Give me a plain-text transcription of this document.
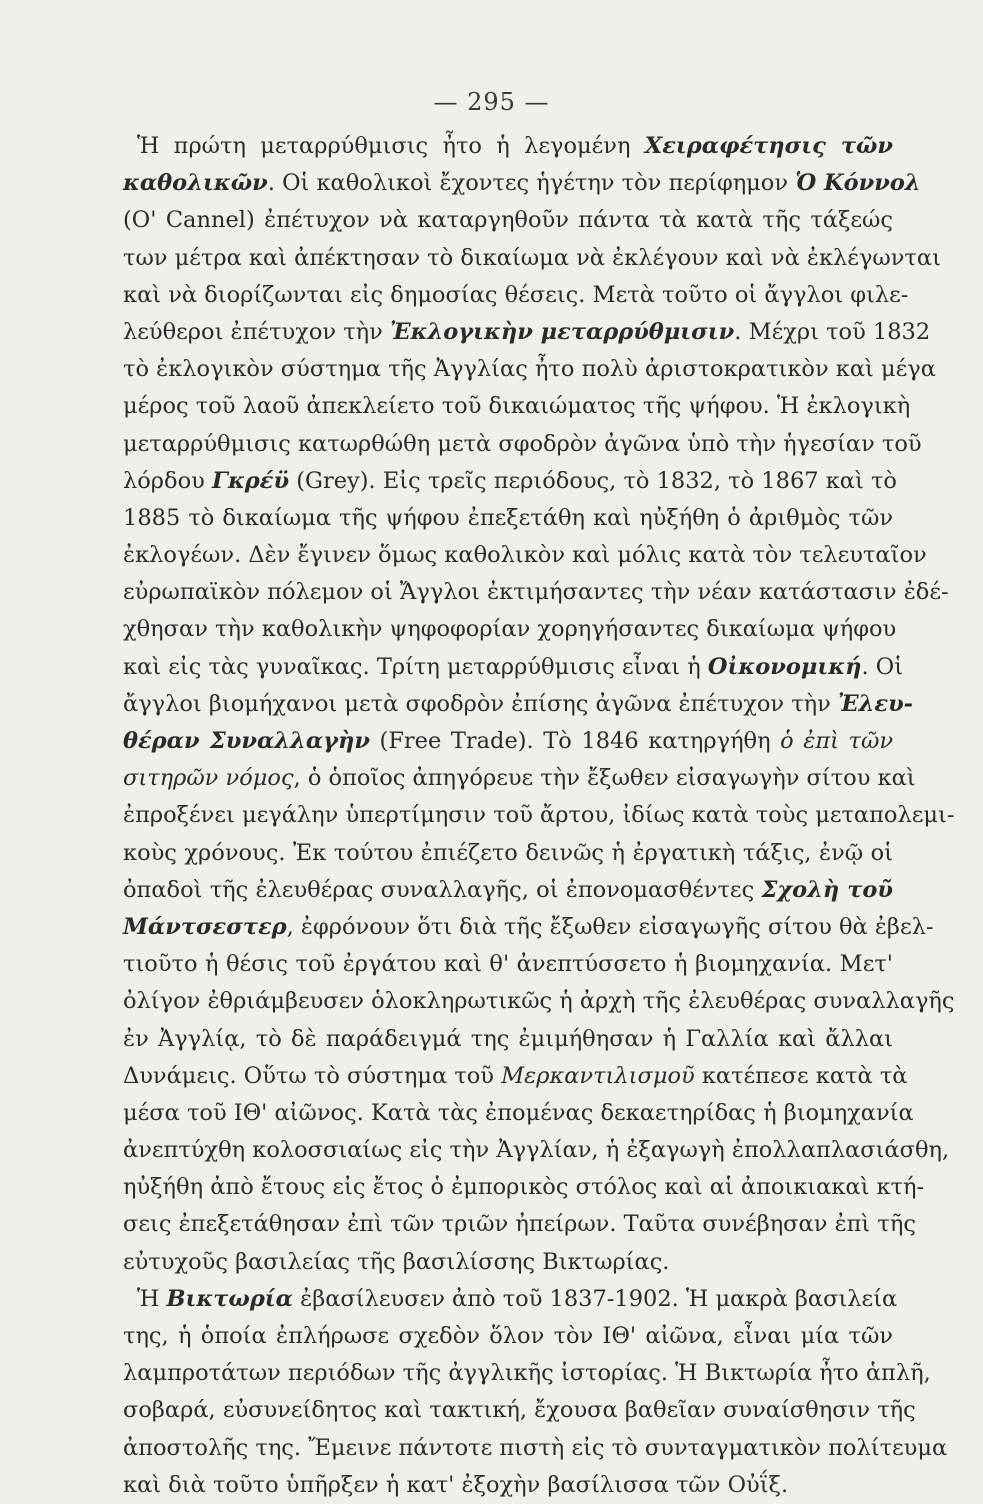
— 295 —
Ἡ πρώτη μεταρρύθμισις ἦτο ἡ λεγομένη Χειραφέτησις τῶν
καθολικῶν. Οἱ καθολικοὶ ἔχοντες ἡγέτην τὸν περίφημον Ὁ Κόννολ
(O' Cannel) ἐπέτυχον νὰ καταργηθοῦν πάντα τὰ κατὰ τῆς τάξεώς
των μέτρα καὶ ἀπέκτησαν τὸ δικαίωμα νὰ ἐκλέγουν καὶ νὰ ἐκλέγωνται
καὶ νὰ διορίζωνται εἰς δημοσίας θέσεις. Μετὰ τοῦτο οἱ ἄγγλοι φιλε-
λεύθεροι ἐπέτυχον τὴν Ἐκλογικὴν μεταρρύθμισιν. Μέχρι τοῦ 1832
τὸ ἐκλογικὸν σύστημα τῆς Ἀγγλίας ἦτο πολὺ ἀριστοκρατικὸν καὶ μέγα
μέρος τοῦ λαοῦ ἀπεκλείετο τοῦ δικαιώματος τῆς ψήφου. Ἡ ἐκλογικὴ
μεταρρύθμισις κατωρθώθη μετὰ σφοδρὸν ἀγῶνα ὑπὸ τὴν ἡγεσίαν τοῦ
λόρδου Γκρέϋ (Grey). Εἰς τρεῖς περιόδους, τὸ 1832, τὸ 1867 καὶ τὸ
1885 τὸ δικαίωμα τῆς ψήφου ἐπεξετάθη καὶ ηὐξήθη ὁ ἀριθμὸς τῶν
ἐκλογέων. Δὲν ἔγινεν ὅμως καθολικὸν καὶ μόλις κατὰ τὸν τελευταῖον
εὐρωπαϊκὸν πόλεμον οἱ Ἄγγλοι ἐκτιμήσαντες τὴν νέαν κατάστασιν ἐδέ-
χθησαν τὴν καθολικὴν ψηφοφορίαν χορηγήσαντες δικαίωμα ψήφου
καὶ εἰς τὰς γυναῖκας. Τρίτη μεταρρύθμισις εἶναι ἡ Οἰκονομική. Οἱ
ἄγγλοι βιομήχανοι μετὰ σφοδρὸν ἐπίσης ἀγῶνα ἐπέτυχον τὴν Ἐλευ-
θέραν Συναλλαγὴν (Free Trade). Τὸ 1846 κατηργήθη ὁ ἐπὶ τῶν
σιτηρῶν νόμος, ὁ ὁποῖος ἀπηγόρευε τὴν ἔξωθεν εἰσαγωγὴν σίτου καὶ
ἐπροξένει μεγάλην ὑπερτίμησιν τοῦ ἄρτου, ἰδίως κατὰ τοὺς μεταπολεμι-
κοὺς χρόνους. Ἐκ τούτου ἐπιέζετο δεινῶς ἡ ἐργατικὴ τάξις, ἐνῷ οἱ
ὀπαδοὶ τῆς ἐλευθέρας συναλλαγῆς, οἱ ἐπονομασθέντες Σχολὴ τοῦ
Μάντσεστερ, ἐφρόνουν ὅτι διὰ τῆς ἔξωθεν εἰσαγωγῆς σίτου θὰ ἐβελ-
τιοῦτο ἡ θέσις τοῦ ἐργάτου καὶ θ' ἀνεπτύσσετο ἡ βιομηχανία. Μετ'
ὀλίγον ἐθριάμβευσεν ὁλοκληρωτικῶς ἡ ἀρχὴ τῆς ἐλευθέρας συναλλαγῆς
ἐν Ἀγγλίᾳ, τὸ δὲ παράδειγμά της ἐμιμήθησαν ἡ Γαλλία καὶ ἄλλαι
Δυνάμεις. Οὕτω τὸ σύστημα τοῦ Μερκαντιλισμοῦ κατέπεσε κατὰ τὰ
μέσα τοῦ ΙΘ' αἰῶνος. Κατὰ τὰς ἐπομένας δεκαετηρίδας ἡ βιομηχανία
ἀνεπτύχθη κολοσσιαίως εἰς τὴν Ἀγγλίαν, ἡ ἐξαγωγὴ ἐπολλαπλασιάσθη,
ηὐξήθη ἀπὸ ἔτους εἰς ἔτος ὁ ἐμπορικὸς στόλος καὶ αἱ ἀποικιακαὶ κτή-
σεις ἐπεξετάθησαν ἐπὶ τῶν τριῶν ἠπείρων. Ταῦτα συνέβησαν ἐπὶ τῆς
εὐτυχοῦς βασιλείας τῆς βασιλίσσης Βικτωρίας.
Ἡ Βικτωρία ἐβασίλευσεν ἀπὸ τοῦ 1837-1902. Ἡ μακρὰ βασιλεία
της, ἡ ὁποία ἐπλήρωσε σχεδὸν ὅλον τὸν ΙΘ' αἰῶνα, εἶναι μία τῶν
λαμπροτάτων περιόδων τῆς ἀγγλικῆς ἱστορίας. Ἡ Βικτωρία ἦτο ἁπλῆ,
σοβαρά, εὐσυνείδητος καὶ τακτική, ἔχουσα βαθεῖαν συναίσθησιν τῆς
ἀποστολῆς της. Ἔμεινε πάντοτε πιστὴ εἰς τὸ συνταγματικὸν πολίτευμα
καὶ διὰ τοῦτο ὑπῆρξεν ἡ κατ' ἐξοχὴν βασίλισσα τῶν Οὐΐξ.
